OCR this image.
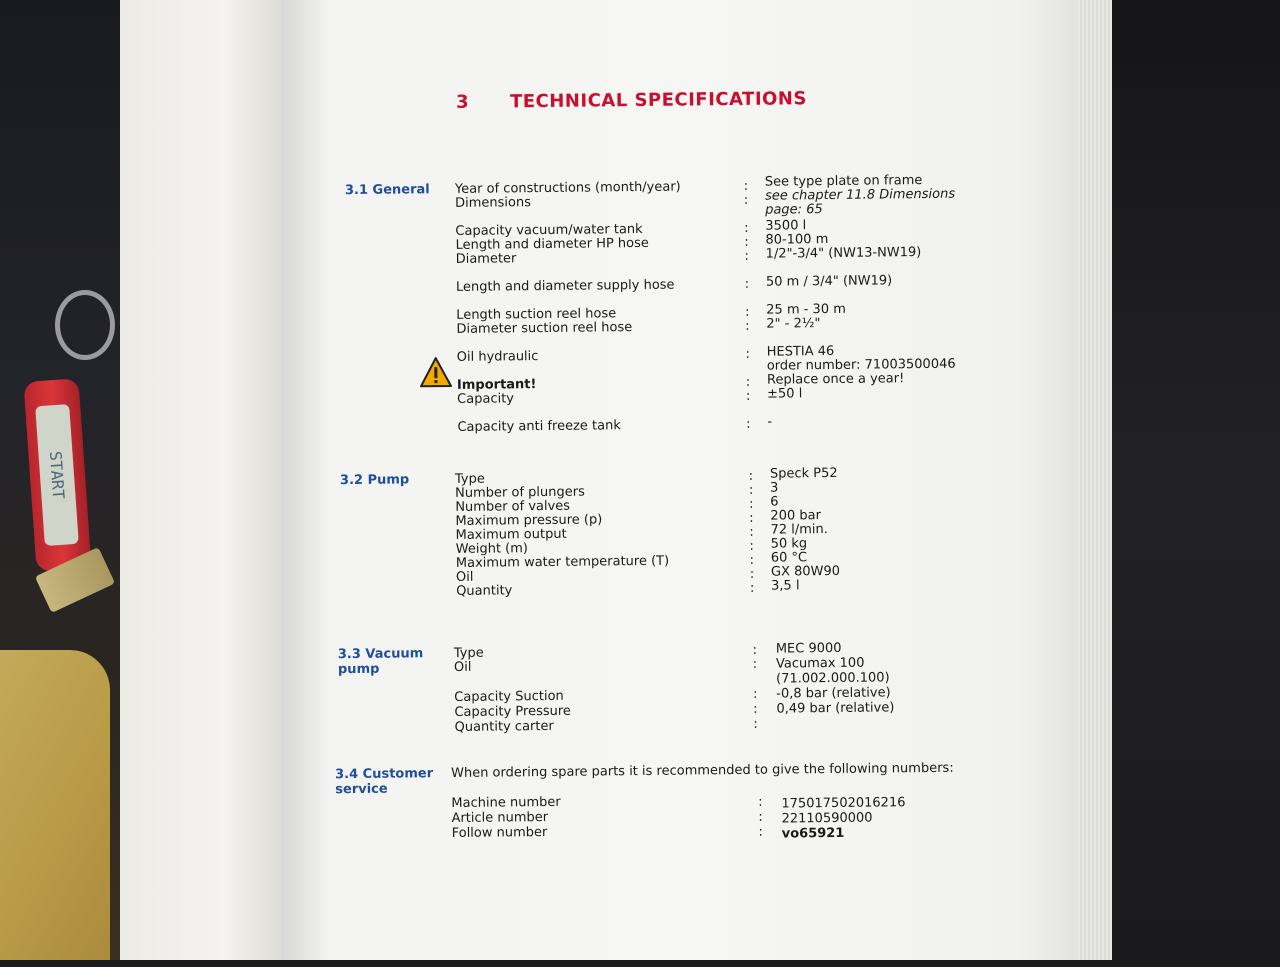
START
3 TECHNICAL SPECIFICATIONS
3.1 General Year of constructions (month/year)
Dimensions
Capacity vacuum/water tank
Length and diameter HP hose
Diameter
Length and diameter supply hose
Length suction reel hose
Diameter suction reel hose
Oil hydraulic
Important!
Capacity
Capacity anti freeze tank
:
:
:
:
:
:
:
:
:
:
:
:
See type plate on frame
see chapter 11.8 Dimensions
page: 65
3500 l
80-100 m
1/2"-3/4" (NW13-NW19)
50 m / 3/4" (NW19)
25 m - 30 m
2" - 2½"
HESTIA 46
order number: 71003500046
Replace once a year!
±50 l
-
3.2 Pump	Type
Number of plungers
Number of valves
Maximum pressure (p)
Maximum output
Weight (m)
Maximum water temperature (T)
Oil
Quantity
:
:
:
:
:
:
:
:
:
Speck P52
3
6
200 bar
72 l/min.
50 kg
60 °C
GX 80W90
3,5 l
3.3 Vacuum
pump
Type
Oil
Capacity Suction
Capacity Pressure
Quantity carter
:
:
:
:
:
MEC 9000
Vacumax 100
(71.002.000.100)
-0,8 bar (relative)
0,49 bar (relative)
3.4 Customer
service
When ordering spare parts it is recommended to give the following numbers:
Machine number
Article number
Follow number
:
:
:
175017502016216
22110590000
vo65921
